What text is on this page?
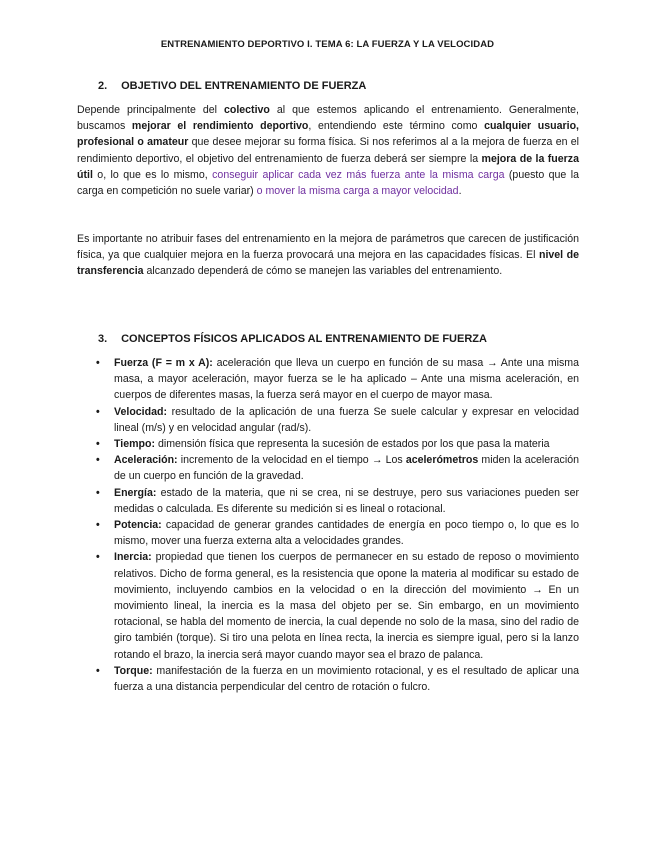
ENTRENAMIENTO DEPORTIVO I. TEMA 6: LA FUERZA Y LA VELOCIDAD
2. OBJETIVO DEL ENTRENAMIENTO DE FUERZA
Depende principalmente del colectivo al que estemos aplicando el entrenamiento. Generalmente, buscamos mejorar el rendimiento deportivo, entendiendo este término como cualquier usuario, profesional o amateur que desee mejorar su forma física. Si nos referimos al a la mejora de fuerza en el rendimiento deportivo, el objetivo del entrenamiento de fuerza deberá ser siempre la mejora de la fuerza útil o, lo que es lo mismo, conseguir aplicar cada vez más fuerza ante la misma carga (puesto que la carga en competición no suele variar) o mover la misma carga a mayor velocidad.
Es importante no atribuir fases del entrenamiento en la mejora de parámetros que carecen de justificación física, ya que cualquier mejora en la fuerza provocará una mejora en las capacidades físicas. El nivel de transferencia alcanzado dependerá de cómo se manejen las variables del entrenamiento.
3. CONCEPTOS FÍSICOS APLICADOS AL ENTRENAMIENTO DE FUERZA
• Fuerza (F = m x A): aceleración que lleva un cuerpo en función de su masa → Ante una misma masa, a mayor aceleración, mayor fuerza se le ha aplicado – Ante una misma aceleración, en cuerpos de diferentes masas, la fuerza será mayor en el cuerpo de mayor masa.
• Velocidad: resultado de la aplicación de una fuerza Se suele calcular y expresar en velocidad lineal (m/s) y en velocidad angular (rad/s).
• Tiempo: dimensión física que representa la sucesión de estados por los que pasa la materia
• Aceleración: incremento de la velocidad en el tiempo → Los acelerómetros miden la aceleración de un cuerpo en función de la gravedad.
• Energía: estado de la materia, que ni se crea, ni se destruye, pero sus variaciones pueden ser medidas o calculada. Es diferente su medición si es lineal o rotacional.
• Potencia: capacidad de generar grandes cantidades de energía en poco tiempo o, lo que es lo mismo, mover una fuerza externa alta a velocidades grandes.
• Inercia: propiedad que tienen los cuerpos de permanecer en su estado de reposo o movimiento relativos. Dicho de forma general, es la resistencia que opone la materia al modificar su estado de movimiento, incluyendo cambios en la velocidad o en la dirección del movimiento → En un movimiento lineal, la inercia es la masa del objeto per se. Sin embargo, en un movimiento rotacional, se habla del momento de inercia, la cual depende no solo de la masa, sino del radio de giro también (torque). Si tiro una pelota en línea recta, la inercia es siempre igual, pero si la lanzo rotando el brazo, la inercia será mayor cuando mayor sea el brazo de palanca.
• Torque: manifestación de la fuerza en un movimiento rotacional, y es el resultado de aplicar una fuerza a una distancia perpendicular del centro de rotación o fulcro.
